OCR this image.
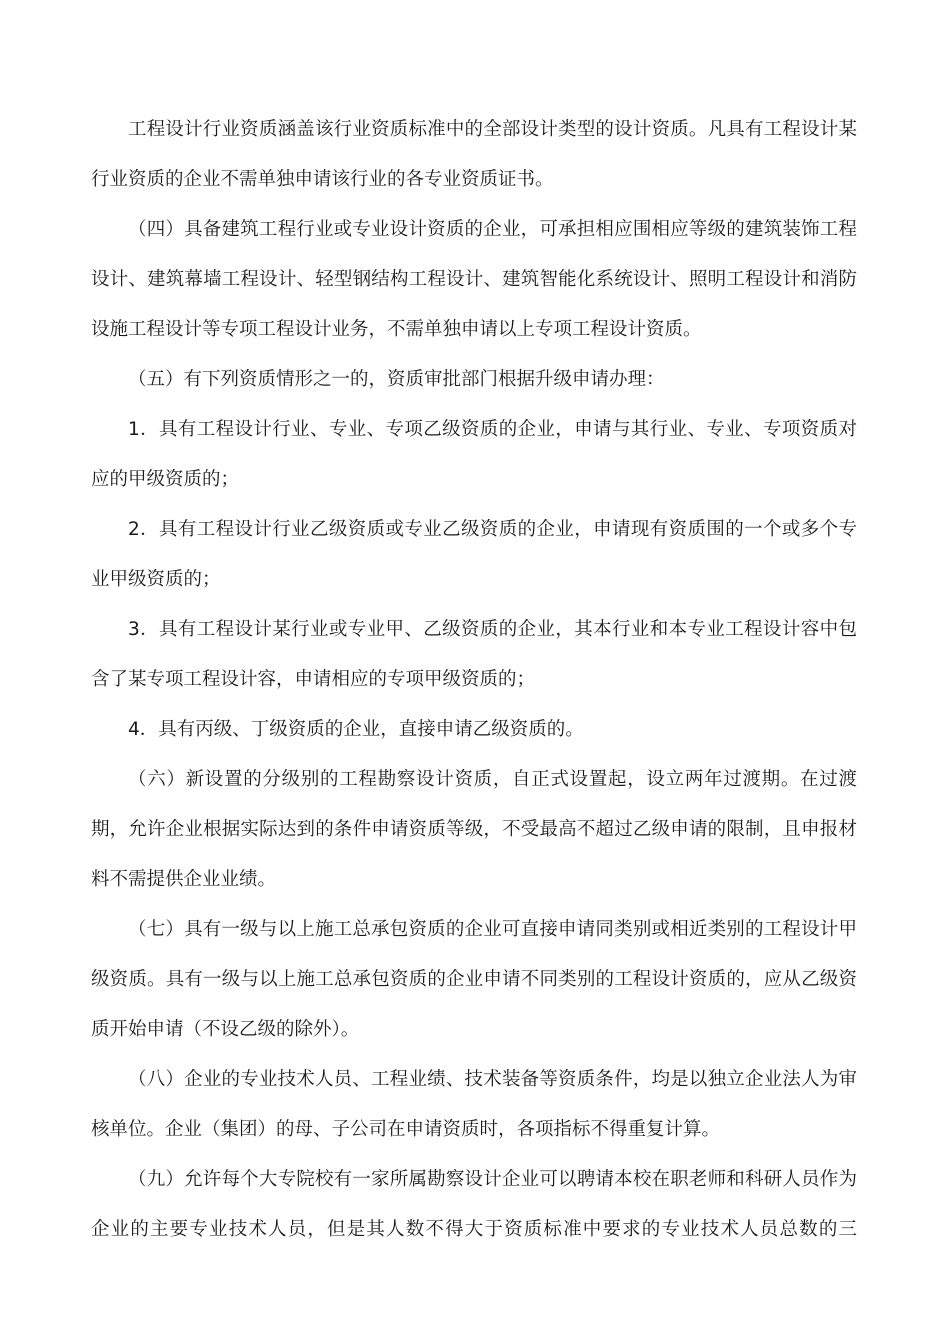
工程设计行业资质涵盖该行业资质标准中的全部设计类型的设计资质。凡具有工程设计某行业资质的企业不需单独申请该行业的各专业资质证书。

（四）具备建筑工程行业或专业设计资质的企业，可承担相应围相应等级的建筑装饰工程设计、建筑幕墙工程设计、轻型钢结构工程设计、建筑智能化系统设计、照明工程设计和消防设施工程设计等专项工程设计业务，不需单独申请以上专项工程设计资质。

（五）有下列资质情形之一的，资质审批部门根据升级申请办理：

1．具有工程设计行业、专业、专项乙级资质的企业，申请与其行业、专业、专项资质对应的甲级资质的；

2．具有工程设计行业乙级资质或专业乙级资质的企业，申请现有资质围的一个或多个专业甲级资质的；

3．具有工程设计某行业或专业甲、乙级资质的企业，其本行业和本专业工程设计容中包含了某专项工程设计容，申请相应的专项甲级资质的；

4．具有丙级、丁级资质的企业，直接申请乙级资质的。

（六）新设置的分级别的工程勘察设计资质，自正式设置起，设立两年过渡期。在过渡期，允许企业根据实际达到的条件申请资质等级，不受最高不超过乙级申请的限制，且申报材料不需提供企业业绩。

（七）具有一级与以上施工总承包资质的企业可直接申请同类别或相近类别的工程设计甲级资质。具有一级与以上施工总承包资质的企业申请不同类别的工程设计资质的，应从乙级资质开始申请（不设乙级的除外）。

（八）企业的专业技术人员、工程业绩、技术装备等资质条件，均是以独立企业法人为审核单位。企业（集团）的母、子公司在申请资质时，各项指标不得重复计算。

（九）允许每个大专院校有一家所属勘察设计企业可以聘请本校在职老师和科研人员作为企业的主要专业技术人员，但是其人数不得大于资质标准中要求的专业技术人员总数的三
